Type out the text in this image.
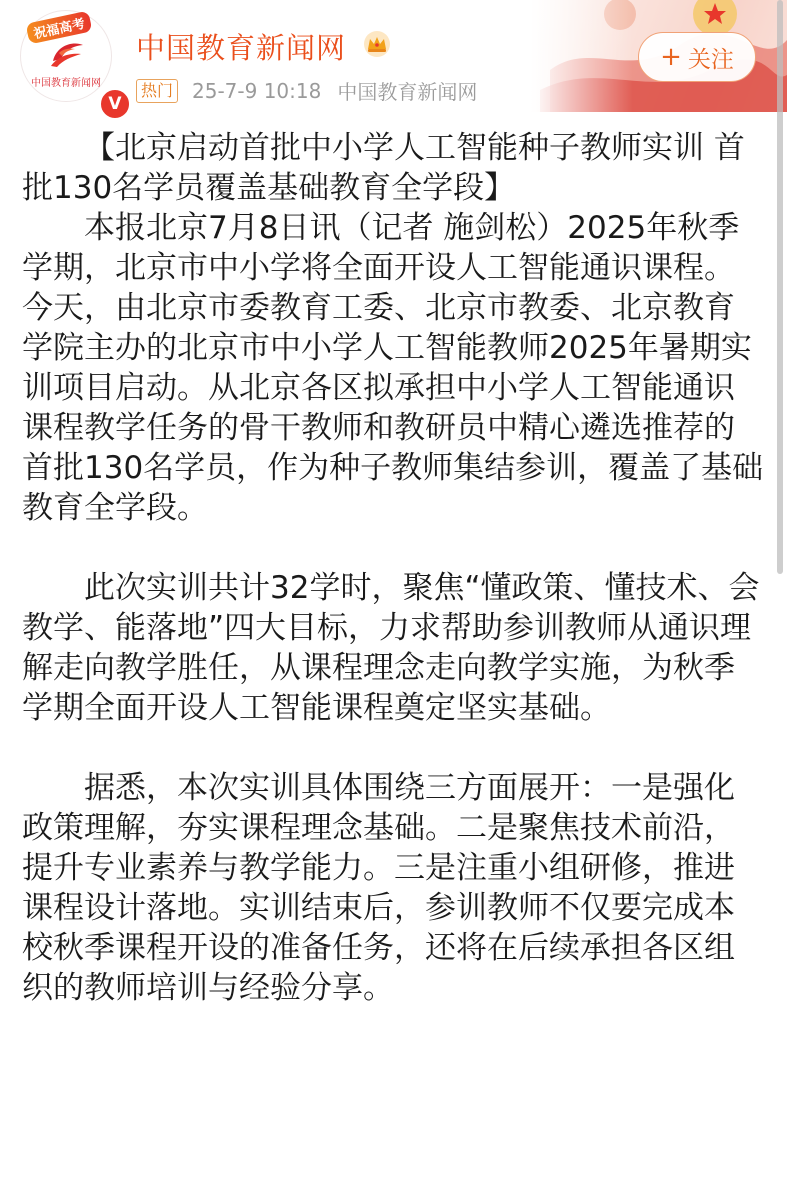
祝福高考
中国教育新闻网
V
中国教育新闻网
热门 25-7-9 10:18 中国教育新闻网
+ 关注

【北京启动首批中小学人工智能种子教师实训 首批130名学员覆盖基础教育全学段】

本报北京7月8日讯（记者 施剑松）2025年秋季学期，北京市中小学将全面开设人工智能通识课程。今天，由北京市委教育工委、北京市教委、北京教育学院主办的北京市中小学人工智能教师2025年暑期实训项目启动。从北京各区拟承担中小学人工智能通识课程教学任务的骨干教师和教研员中精心遴选推荐的首批130名学员，作为种子教师集结参训，覆盖了基础教育全学段。

此次实训共计32学时，聚焦“懂政策、懂技术、会教学、能落地”四大目标，力求帮助参训教师从通识理解走向教学胜任，从课程理念走向教学实施，为秋季学期全面开设人工智能课程奠定坚实基础。

据悉，本次实训具体围绕三方面展开：一是强化政策理解，夯实课程理念基础。二是聚焦技术前沿，提升专业素养与教学能力。三是注重小组研修，推进课程设计落地。实训结束后，参训教师不仅要完成本校秋季课程开设的准备任务，还将在后续承担各区组织的教师培训与经验分享。
